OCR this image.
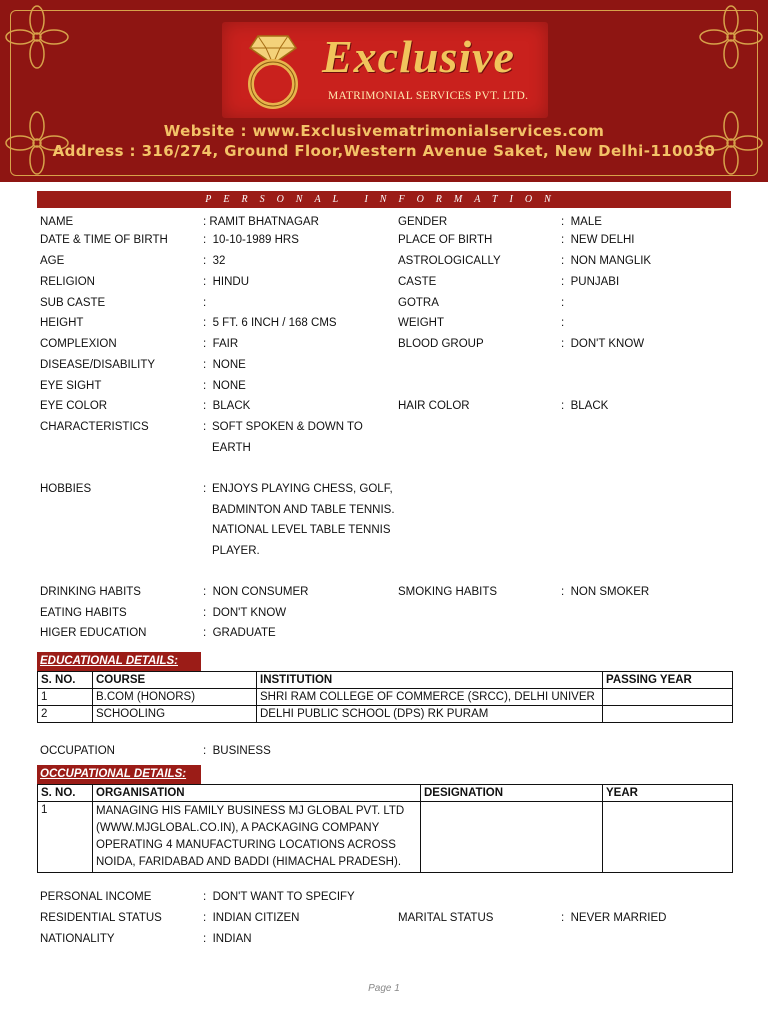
Exclusive
MATRIMONIAL SERVICES PVT. LTD.
Website : www.Exclusivematrimonialservices.com
Address : 316/274, Ground Floor,Western Avenue Saket, New Delhi-110030
PERSONAL INFORMATION
NAME	: RAMIT BHATNAGAR	GENDER	: MALE
DATE & TIME OF BIRTH	: 10-10-1989 HRS	PLACE OF BIRTH	: NEW DELHI
AGE	: 32	ASTROLOGICALLY	: NON MANGLIK
RELIGION	: HINDU	CASTE	: PUNJABI
SUB CASTE	:	GOTRA	:
HEIGHT	: 5 FT. 6 INCH / 168 CMS	WEIGHT	:
COMPLEXION	: FAIR	BLOOD GROUP	: DON'T KNOW
DISEASE/DISABILITY	: NONE
EYE SIGHT	: NONE
EYE COLOR	: BLACK	HAIR COLOR	: BLACK
CHARACTERISTICS	: SOFT SPOKEN & DOWN TO EARTH
HOBBIES	: ENJOYS PLAYING CHESS, GOLF, BADMINTON AND TABLE TENNIS. NATIONAL LEVEL TABLE TENNIS PLAYER.
DRINKING HABITS	: NON CONSUMER	SMOKING HABITS	: NON SMOKER
EATING HABITS	: DON'T KNOW
HIGER EDUCATION	: GRADUATE
EDUCATIONAL DETAILS:
S. NO.	COURSE	INSTITUTION	PASSING YEAR
1	B.COM (HONORS)	SHRI RAM COLLEGE OF COMMERCE (SRCC), DELHI UNIVER	
2	SCHOOLING	DELHI PUBLIC SCHOOL (DPS) RK PURAM	
OCCUPATION	: BUSINESS
OCCUPATIONAL DETAILS:
S. NO.	ORGANISATION	DESIGNATION	YEAR
1	MANAGING HIS FAMILY BUSINESS MJ GLOBAL PVT. LTD (WWW.MJGLOBAL.CO.IN), A PACKAGING COMPANY OPERATING 4 MANUFACTURING LOCATIONS ACROSS NOIDA, FARIDABAD AND BADDI (HIMACHAL PRADESH).		
PERSONAL INCOME	: DON'T WANT TO SPECIFY
RESIDENTIAL STATUS	: INDIAN CITIZEN	MARITAL STATUS	: NEVER MARRIED
NATIONALITY	: INDIAN
Page 1
